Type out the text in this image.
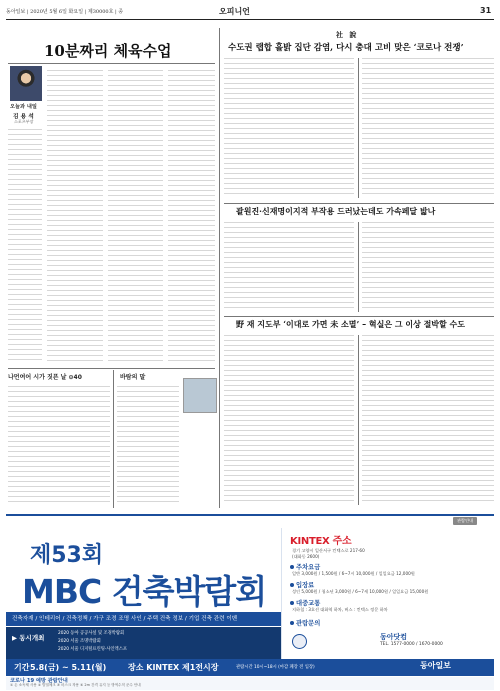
동아일보 | 2020년 5월 6일 화요일 | 제30000호 | 종	오피니언	31
10분짜리 체육수업
오늘과 내일
김 용 석
스포츠부장
나먼여어 시가 짓픈 날 ⊙40	바람의 말
社 說
수도권 랩합 흘밝 집단 감염, 다시 충대 고비 맞은 ‘코로나 전쟁’
괄원진·신재명이지적 부작용 드러났는데도 가속페달 밟나
野 재 지도부 ‘이대로 가면 未 소멸’ – 혁실은 그 이상 절박할 수도
관람안내
제53회
MBC 건축박람회
건축자재 / 인테리어 / 건축정책 / 가구 조경 조명 사인 / 주택 건축 정보 / 기업 건축 관련 이벤
▶ 동시개최
2020 동아 공공사설 및 조경박람회
2020 서울 조명박람회
2020 서울 디지털프린팅·사인엑스포
KINTEX 주소
경기 고양시 일산서구 킨텍스로 217-60
(대화동 2600)
주차요금
일반 3,000원 / 1,500원 / 6~7시 10,000원 / 일일요금 12,000원
입장료
성인 5,000원 / 청소년 3,000원 / 6~7세 10,000원 / 일일요금 15,000원
대중교통
지하철 : 3호선 대화역 하차, 버스 : 킨텍스 정문 하차
관람문의
동아닷컴
TEL. 1577-0000 / 1670-0000
기간 5.8(금) ~ 5.11(월)	장소 KINTEX 제1전시장	관람시간 10시~18시 (마감 폐장 전 입장)	동아일보
코로나 19 예방 관람안내
① 손 소독제 사용 ② 발열체크 ③ 마스크 착용 ④ 2m 간격 유지 등 방역수칙 준수 안내
